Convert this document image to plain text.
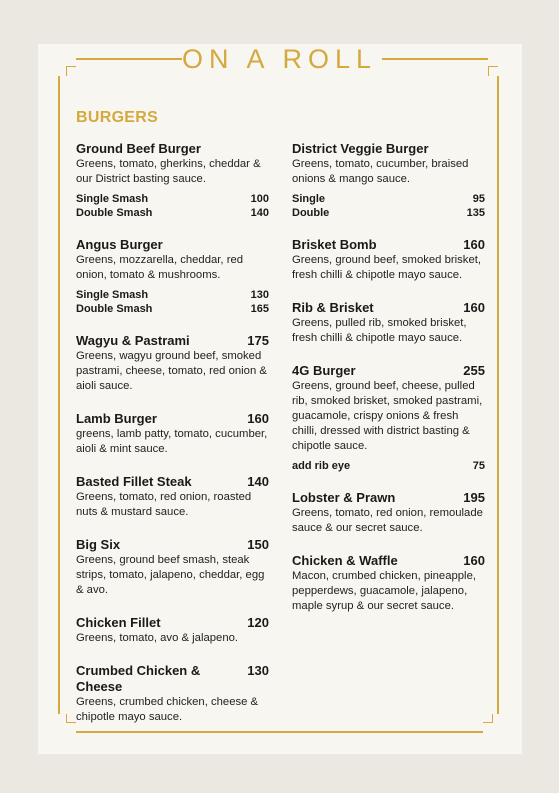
ON A ROLL
BURGERS
Ground Beef Burger
Greens, tomato, gherkins, cheddar & our District basting sauce.
Single Smash	100
Double Smash	140
Angus Burger
Greens, mozzarella, cheddar, red onion, tomato & mushrooms.
Single Smash	130
Double Smash	165
Wagyu & Pastrami	175
Greens, wagyu ground beef, smoked pastrami, cheese, tomato, red onion & aioli sauce.
Lamb Burger	160
greens, lamb patty, tomato, cucumber, aioli & mint sauce.
Basted Fillet Steak	140
Greens, tomato, red onion, roasted nuts & mustard sauce.
Big Six	150
Greens, ground beef smash, steak strips, tomato, jalapeno, cheddar, egg & avo.
Chicken Fillet	120
Greens, tomato, avo & jalapeno.
Crumbed Chicken & Cheese
130
Greens, crumbed chicken, cheese & chipotle mayo sauce.
District Veggie Burger
Greens, tomato, cucumber, braised onions & mango sauce.
Single	95
Double	135
Brisket Bomb	160
Greens, ground beef, smoked brisket, fresh chilli & chipotle mayo sauce.
Rib & Brisket	160
Greens, pulled rib, smoked brisket, fresh chilli & chipotle mayo sauce.
4G Burger	255
Greens, ground beef, cheese, pulled rib, smoked brisket, smoked pastrami, guacamole, crispy onions & fresh chilli, dressed with district basting & chipotle sauce.
add rib eye	75
Lobster & Prawn	195
Greens, tomato, red onion, remoulade sauce & our secret sauce.
Chicken & Waffle	160
Macon, crumbed chicken, pineapple, pepperdews, guacamole, jalapeno, maple syrup & our secret sauce.
